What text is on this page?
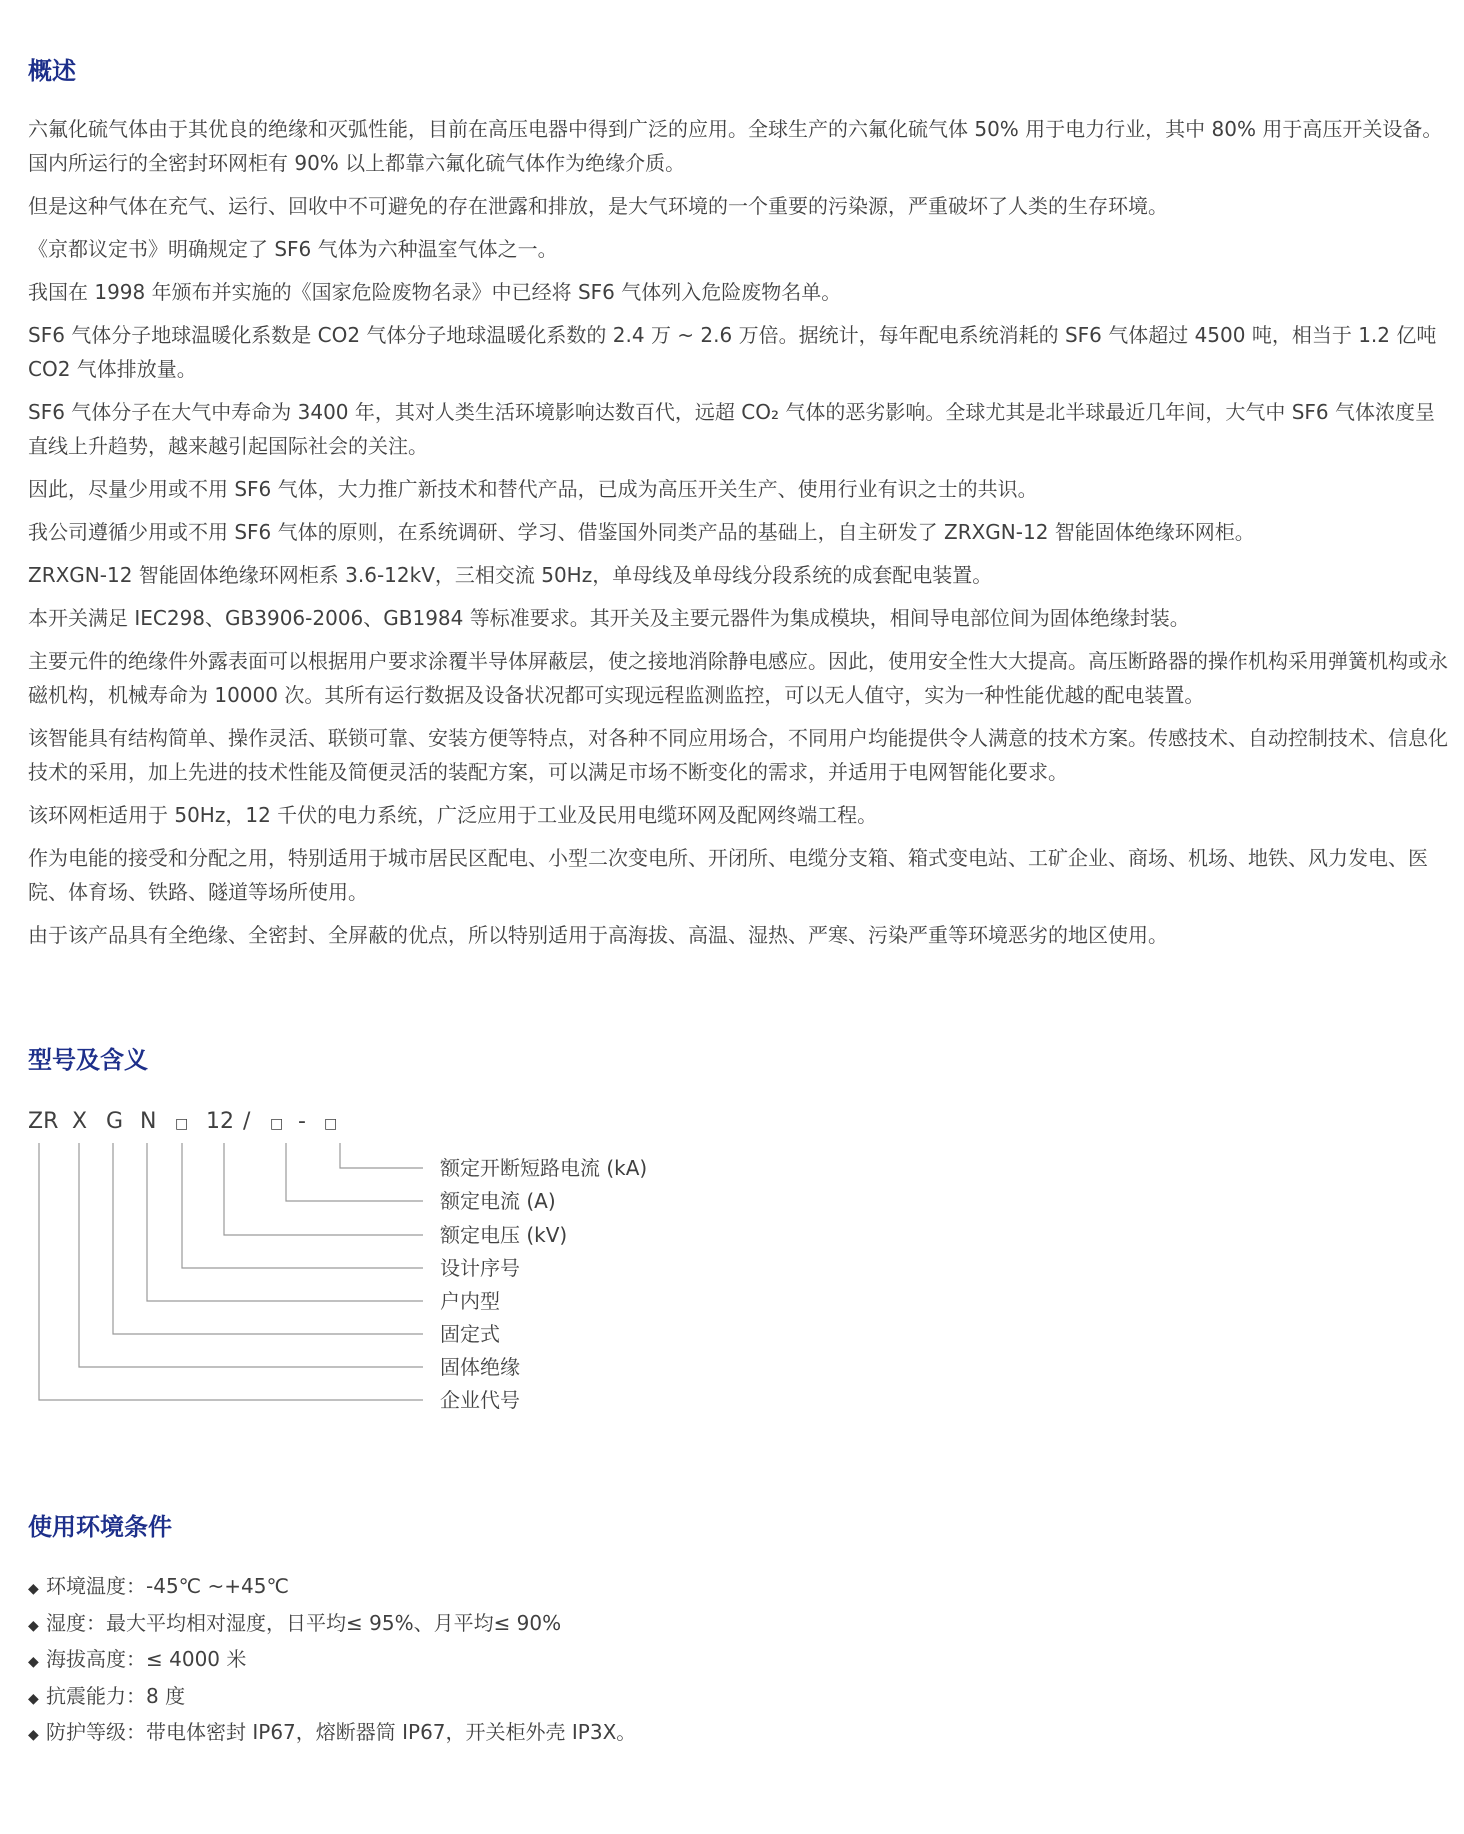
概述

六氟化硫气体由于其优良的绝缘和灭弧性能，目前在高压电器中得到广泛的应用。全球生产的六氟化硫气体 50% 用于电力行业，其中 80% 用于高压开关设备。国内所运行的全密封环网柜有 90% 以上都靠六氟化硫气体作为绝缘介质。

但是这种气体在充气、运行、回收中不可避免的存在泄露和排放，是大气环境的一个重要的污染源，严重破坏了人类的生存环境。

《京都议定书》明确规定了 SF6 气体为六种温室气体之一。

我国在 1998 年颁布并实施的《国家危险废物名录》中已经将 SF6 气体列入危险废物名单。

SF6 气体分子地球温暖化系数是 CO2 气体分子地球温暖化系数的 2.4 万 ~ 2.6 万倍。据统计，每年配电系统消耗的 SF6 气体超过 4500 吨，相当于 1.2 亿吨 CO2 气体排放量。

SF6 气体分子在大气中寿命为 3400 年，其对人类生活环境影响达数百代，远超 CO₂ 气体的恶劣影响。全球尤其是北半球最近几年间，大气中 SF6 气体浓度呈直线上升趋势，越来越引起国际社会的关注。

因此，尽量少用或不用 SF6 气体，大力推广新技术和替代产品，已成为高压开关生产、使用行业有识之士的共识。

我公司遵循少用或不用 SF6 气体的原则，在系统调研、学习、借鉴国外同类产品的基础上，自主研发了 ZRXGN-12 智能固体绝缘环网柜。

ZRXGN-12 智能固体绝缘环网柜系 3.6-12kV，三相交流 50Hz，单母线及单母线分段系统的成套配电装置。

本开关满足 IEC298、GB3906-2006、GB1984 等标准要求。其开关及主要元器件为集成模块，相间导电部位间为固体绝缘封装。

主要元件的绝缘件外露表面可以根据用户要求涂覆半导体屏蔽层，使之接地消除静电感应。因此，使用安全性大大提高。高压断路器的操作机构采用弹簧机构或永磁机构，机械寿命为 10000 次。其所有运行数据及设备状况都可实现远程监测监控，可以无人值守，实为一种性能优越的配电装置。

该智能具有结构简单、操作灵活、联锁可靠、安装方便等特点，对各种不同应用场合，不同用户均能提供令人满意的技术方案。传感技术、自动控制技术、信息化技术的采用，加上先进的技术性能及简便灵活的装配方案，可以满足市场不断变化的需求，并适用于电网智能化要求。

该环网柜适用于 50Hz，12 千伏的电力系统，广泛应用于工业及民用电缆环网及配网终端工程。

作为电能的接受和分配之用，特别适用于城市居民区配电、小型二次变电所、开闭所、电缆分支箱、箱式变电站、工矿企业、商场、机场、地铁、风力发电、医院、体育场、铁路、隧道等场所使用。

由于该产品具有全绝缘、全密封、全屏蔽的优点，所以特别适用于高海拔、高温、湿热、严寒、污染严重等环境恶劣的地区使用。

型号及含义
ZR X G N □ 12 / □ - □
额定开断短路电流 (kA)
额定电流 (A)
额定电压 (kV)
设计序号
户内型
固定式
固体绝缘
企业代号
使用环境条件
◆ 环境温度：-45℃ ~+45℃
◆ 湿度：最大平均相对湿度，日平均≤ 95%、月平均≤ 90%
◆ 海拔高度：≤ 4000 米
◆ 抗震能力：8 度
◆ 防护等级：带电体密封 IP67，熔断器筒 IP67，开关柜外壳 IP3X。
